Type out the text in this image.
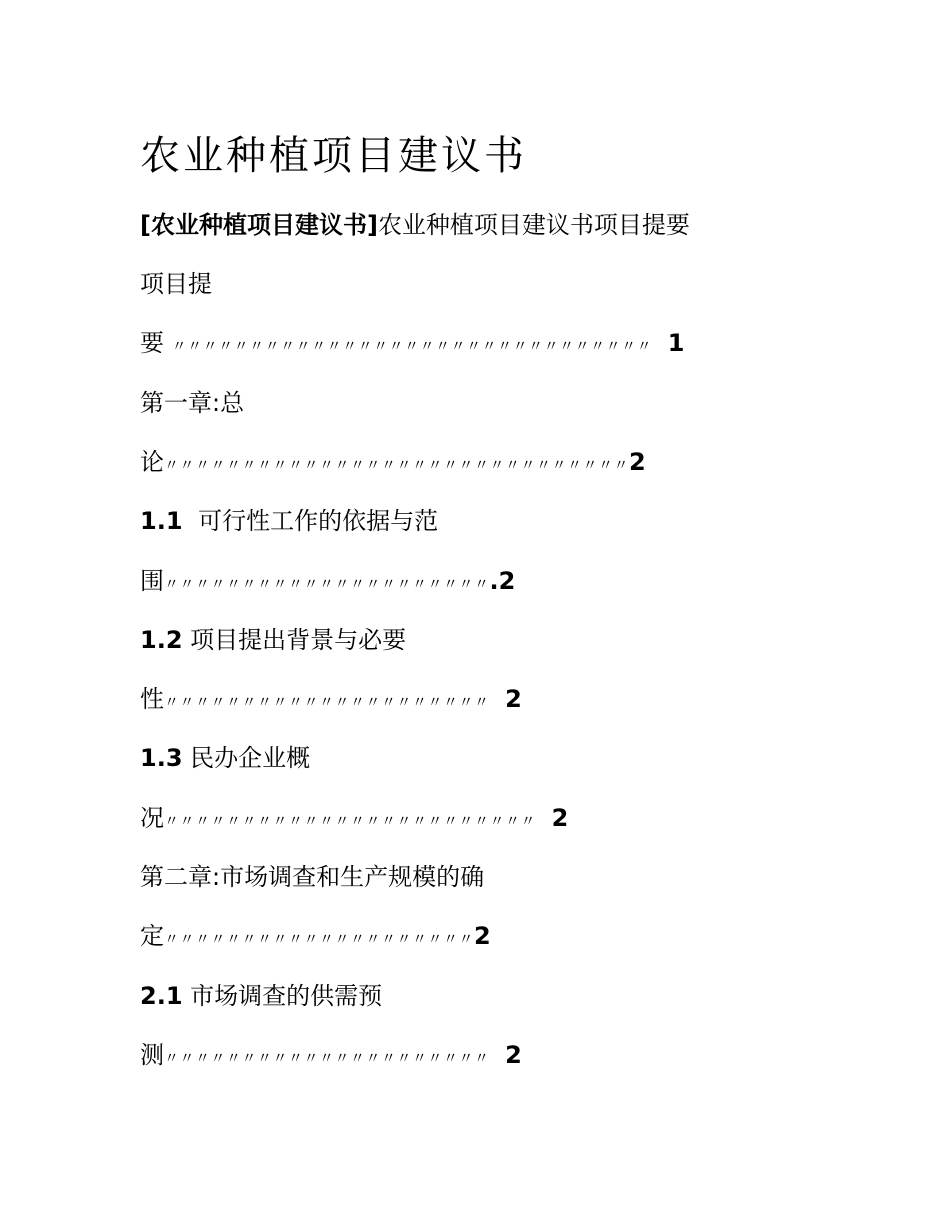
农业种植项目建议书
[农业种植项目建议书]农业种植项目建议书项目提要
项目提
要 〃〃〃〃〃〃〃〃〃〃〃〃〃〃〃〃〃〃〃〃〃〃〃〃〃〃〃〃〃〃〃 1
第一章:总
论〃〃〃〃〃〃〃〃〃〃〃〃〃〃〃〃〃〃〃〃〃〃〃〃〃〃〃〃〃〃2
1.1 可行性工作的依据与范
围〃〃〃〃〃〃〃〃〃〃〃〃〃〃〃〃〃〃〃〃〃.2
1.2 项目提出背景与必要
性〃〃〃〃〃〃〃〃〃〃〃〃〃〃〃〃〃〃〃〃〃 2
1.3 民办企业概
况〃〃〃〃〃〃〃〃〃〃〃〃〃〃〃〃〃〃〃〃〃〃〃〃 2
第二章:市场调查和生产规模的确
定〃〃〃〃〃〃〃〃〃〃〃〃〃〃〃〃〃〃〃〃2
2.1 市场调查的供需预
测〃〃〃〃〃〃〃〃〃〃〃〃〃〃〃〃〃〃〃〃〃 2
